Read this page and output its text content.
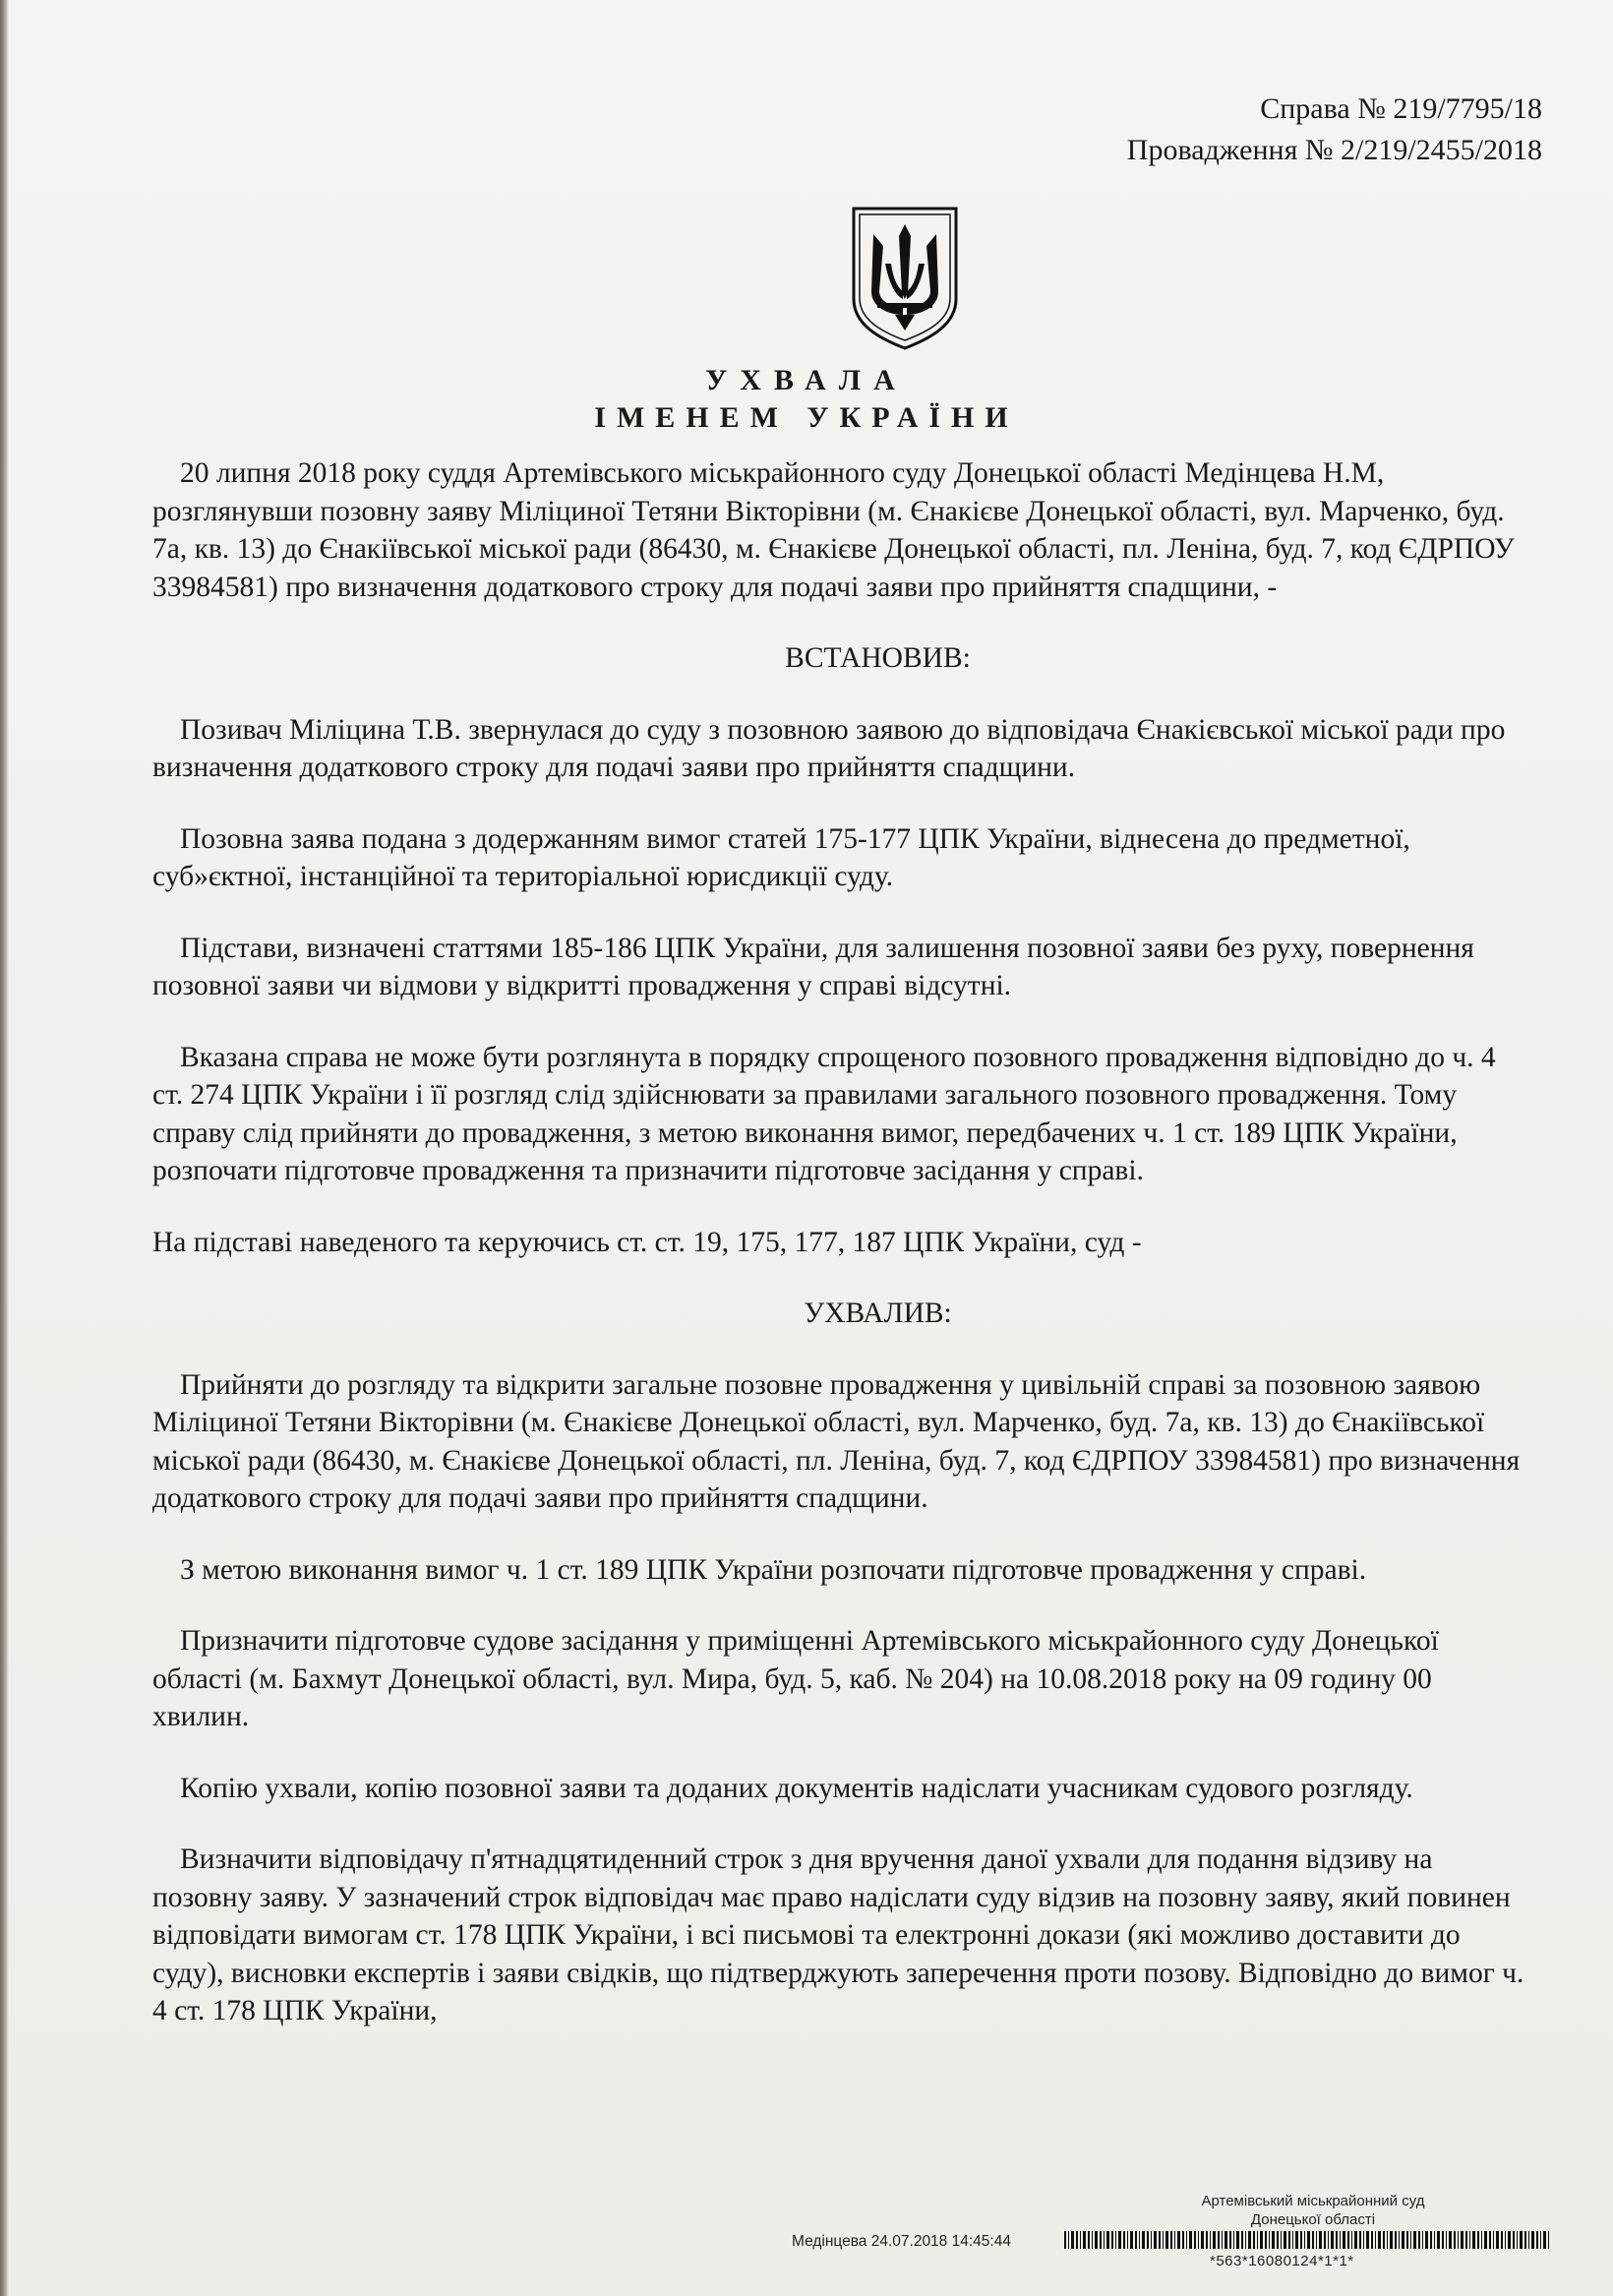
Справа № 219/7795/18
Провадження № 2/219/2455/2018
УХВАЛА
ІМЕНЕМ УКРАЇНИ

20 липня 2018 року суддя Артемівського міськрайонного суду Донецької області Медінцева Н.М, розглянувши позовну заяву Міліциної Тетяни Вікторівни (м. Єнакієве Донецької області, вул. Марченко, буд. 7а, кв. 13) до Єнакіївської міської ради (86430, м. Єнакієве Донецької області, пл. Леніна, буд. 7, код ЄДРПОУ 33984581) про визначення додаткового строку для подачі заяви про прийняття спадщини, -

ВСТАНОВИВ:

Позивач Міліцина Т.В. звернулася до суду з позовною заявою до відповідача Єнакієвської міської ради про визначення додаткового строку для подачі заяви про прийняття спадщини.

Позовна заява подана з додержанням вимог статей 175-177 ЦПК України, віднесена до предметної, суб»єктної, інстанційної та територіальної юрисдикції суду.

Підстави, визначені статтями 185-186 ЦПК України, для залишення позовної заяви без руху, повернення позовної заяви чи відмови у відкритті провадження у справі відсутні.

Вказана справа не може бути розглянута в порядку спрощеного позовного провадження відповідно до ч. 4 ст. 274 ЦПК України і її розгляд слід здійснювати за правилами загального позовного провадження. Тому справу слід прийняти до провадження, з метою виконання вимог, передбачених ч. 1 ст. 189 ЦПК України, розпочати підготовче провадження та призначити підготовче засідання у справі.

На підставі наведеного та керуючись ст. ст. 19, 175, 177, 187 ЦПК України, суд -

УХВАЛИВ:

Прийняти до розгляду та відкрити загальне позовне провадження у цивільній справі за позовною заявою Міліциної Тетяни Вікторівни (м. Єнакієве Донецької області, вул. Марченко, буд. 7а, кв. 13) до Єнакіївської міської ради (86430, м. Єнакієве Донецької області, пл. Леніна, буд. 7, код ЄДРПОУ 33984581) про визначення додаткового строку для подачі заяви про прийняття спадщини.

З метою виконання вимог ч. 1 ст. 189 ЦПК України розпочати підготовче провадження у справі.

Призначити підготовче судове засідання у приміщенні Артемівського міськрайонного суду Донецької області (м. Бахмут Донецької області, вул. Мира, буд. 5, каб. № 204) на 10.08.2018 року на 09 годину 00 хвилин.

Копію ухвали, копію позовної заяви та доданих документів надіслати учасникам судового розгляду.

Визначити відповідачу п'ятнадцятиденний строк з дня вручення даної ухвали для подання відзиву на позовну заяву. У зазначений строк відповідач має право надіслати суду відзив на позовну заяву, який повинен відповідати вимогам ст. 178 ЦПК України, і всі письмові та електронні докази (які можливо доставити до суду), висновки експертів і заяви свідків, що підтверджують заперечення проти позову. Відповідно до вимог ч. 4 ст. 178 ЦПК України,

Артемівський міськрайонний суд
Донецької області
Медінцева 24.07.2018 14:45:44
*563*16080124*1*1*
